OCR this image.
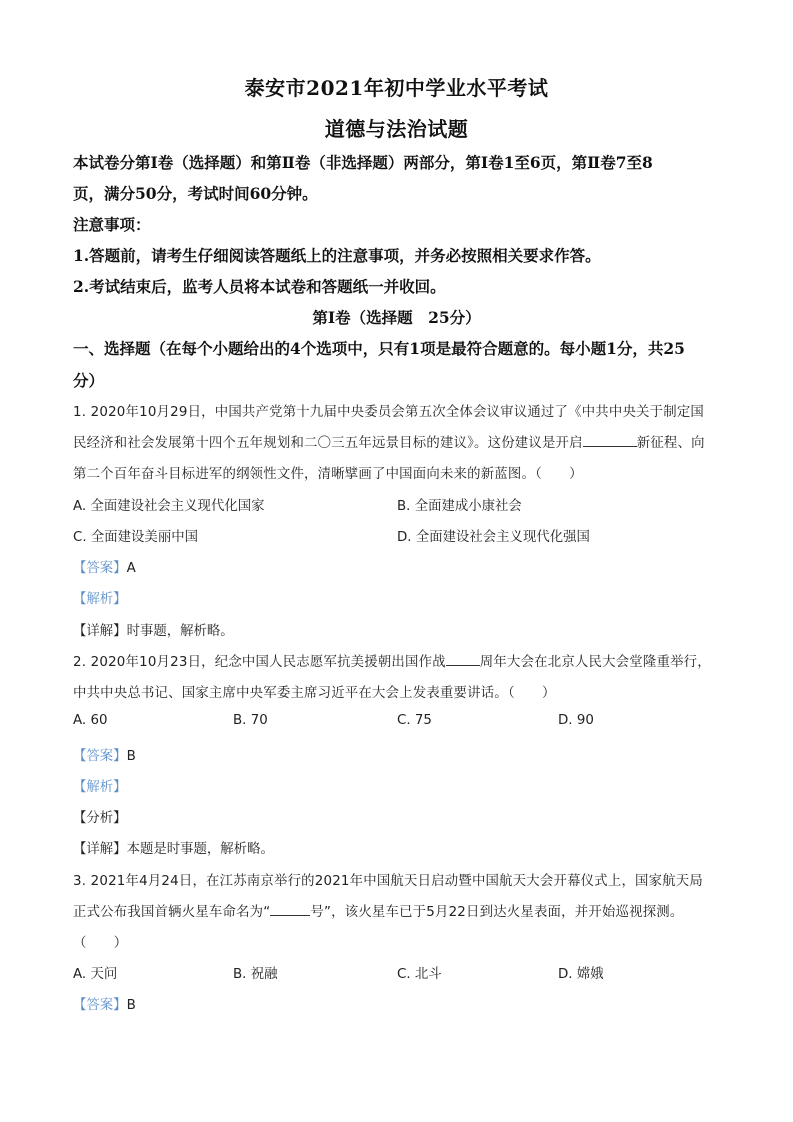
泰安市2021年初中学业水平考试
道德与法治试题
本试卷分第Ⅰ卷（选择题）和第Ⅱ卷（非选择题）两部分，第Ⅰ卷1至6页，第Ⅱ卷7至8
页，满分50分，考试时间60分钟。
注意事项：
1.答题前，请考生仔细阅读答题纸上的注意事项，并务必按照相关要求作答。
2.考试结束后，监考人员将本试卷和答题纸一并收回。
第Ⅰ卷（选择题　25分）
一、选择题（在每个小题给出的4个选项中，只有1项是最符合题意的。每小题1分，共25
分）
1. 2020年10月29日，中国共产党第十九届中央委员会第五次全体会议审议通过了《中共中央关于制定国
民经济和社会发展第十四个五年规划和二〇三五年远景目标的建议》。这份建议是开启	新征程、向
第二个百年奋斗目标进军的纲领性文件，清晰擘画了中国面向未来的新蓝图。（　　）
A. 全面建设社会主义现代化国家	B. 全面建成小康社会
C. 全面建设美丽中国	D. 全面建设社会主义现代化强国
【答案】A
【解析】
【详解】时事题，解析略。
2. 2020年10月23日，纪念中国人民志愿军抗美援朝出国作战	周年大会在北京人民大会堂隆重举行，
中共中央总书记、国家主席中央军委主席习近平在大会上发表重要讲话。（　　）
A. 60	B. 70	C. 75	D. 90
【答案】B
【解析】
【分析】
【详解】本题是时事题，解析略。
3. 2021年4月24日，在江苏南京举行的2021年中国航天日启动暨中国航天大会开幕仪式上，国家航天局
正式公布我国首辆火星车命名为“	号”，该火星车已于5月22日到达火星表面，并开始巡视探测。
（　　）
A. 天问	B. 祝融	C. 北斗	D. 嫦娥
【答案】B
